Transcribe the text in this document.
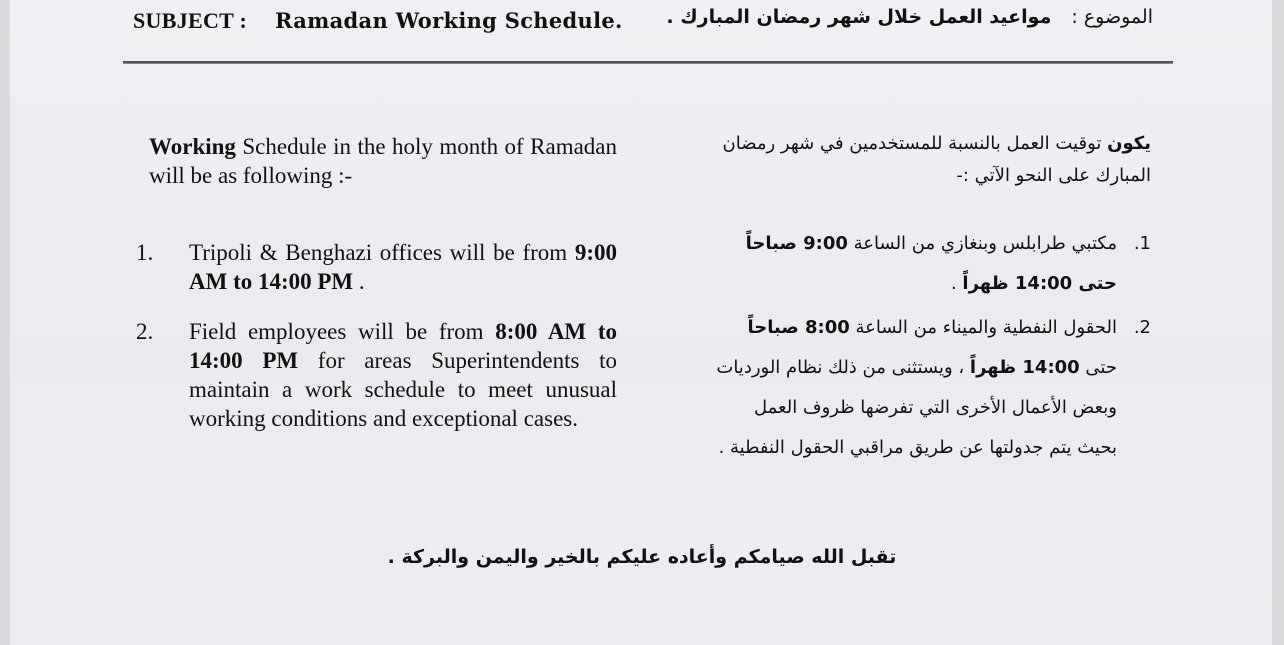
SUBJECT : Ramadan Working Schedule.	الموضوع : مواعيد العمل خلال شهر رمضان المبارك .
Working Schedule in the holy month of Ramadan will be as following :-
1.	Tripoli & Benghazi offices will be from 9:00 AM to 14:00 PM .
2.	Field employees will be from 8:00 AM to 14:00 PM for areas Superintendents to maintain a work schedule to meet unusual working conditions and exceptional cases.
يكون توقيت العمل بالنسبة للمستخدمين في شهر رمضان المبارك على النحو الآتي :-
1.
مكتبي طرابلس وبنغازي من الساعة 9:00 صباحاً حتى 14:00 ظهراً .
2.
الحقول النفطية والميناء من الساعة 8:00 صباحاً حتى 14:00 ظهراً ، ويستثنى من ذلك نظام الورديات وبعض الأعمال الأخرى التي تفرضها ظروف العمل بحيث يتم جدولتها عن طريق مراقبي الحقول النفطية .
تقبل الله صيامكم وأعاده عليكم بالخير واليمن والبركة .
